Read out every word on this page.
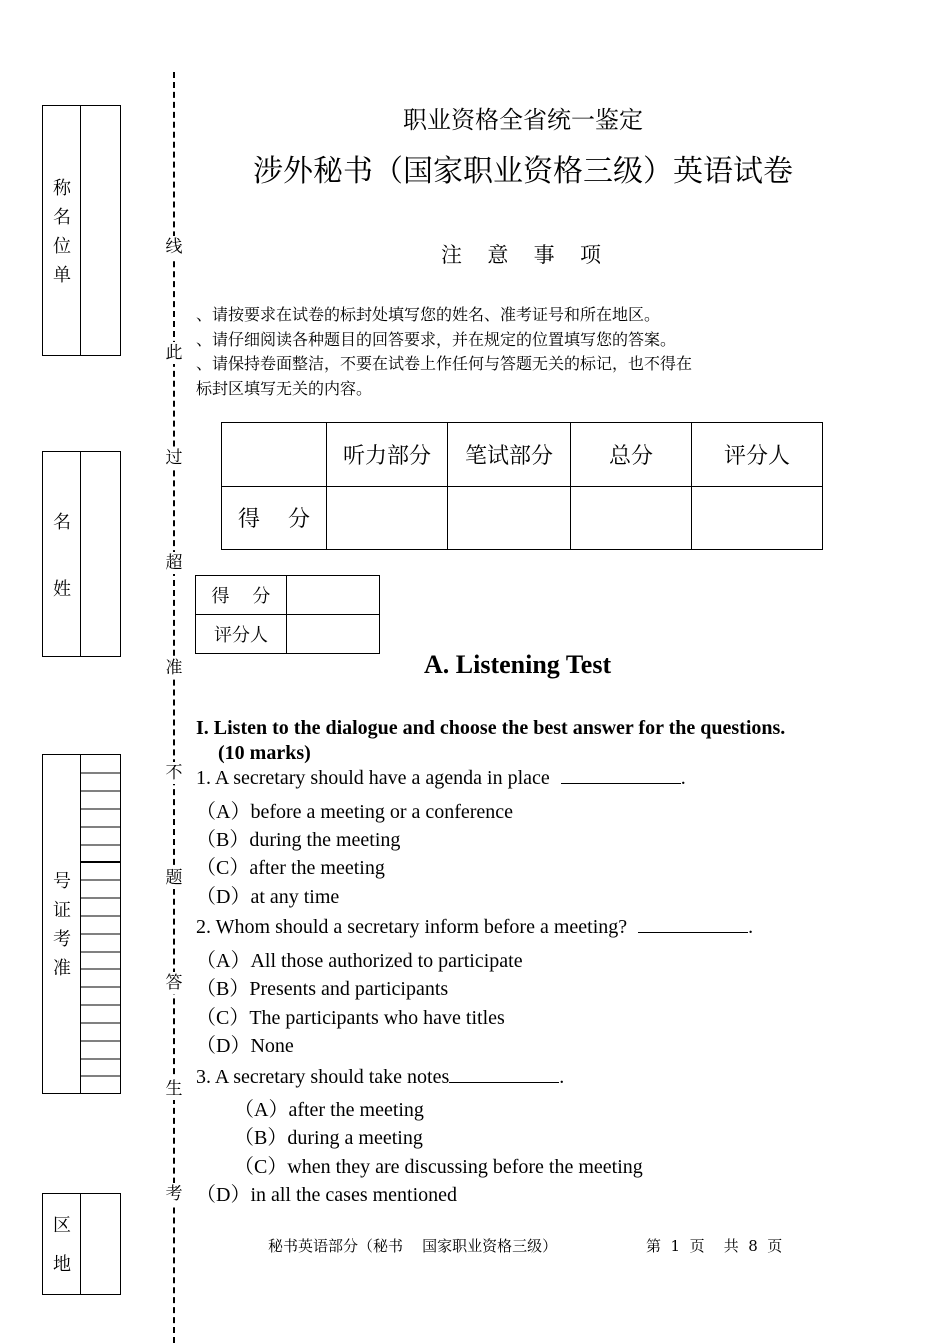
称
名
位
单
名
姓
号
证
考
准
区
地
线
此
过
超
准
不
题
答
生
考
职业资格全省统一鉴定
涉外秘书（国家职业资格三级）英语试卷
注  意  事  项
、请按要求在试卷的标封处填写您的姓名、准考证号和所在地区。
、请仔细阅读各种题目的回答要求，并在规定的位置填写您的答案。
、请保持卷面整洁，不要在试卷上作任何与答题无关的标记，也不得在
标封区填写无关的内容。
	听力部分	笔试部分	总分	评分人
得    分				
得    分	
评分人	
A. Listening Test
I. Listen to the dialogue and choose the best answer for the questions.
(10 marks)
1. A secretary should have a agenda in place	.
（A）before a meeting or a conference
（B）during the meeting
（C）after the meeting
（D）at any time
2. Whom should a secretary inform before a meeting?	.
（A）All those authorized to participate
（B）Presents and participants
（C）The participants who have titles
（D）None
3. A secretary should take notes	.
（A）after the meeting
（B）during a meeting
（C）when they are discussing before the meeting
（D）in all the cases mentioned
秘书英语部分（秘书    国家职业资格三级）	第  1  页    共  8  页
